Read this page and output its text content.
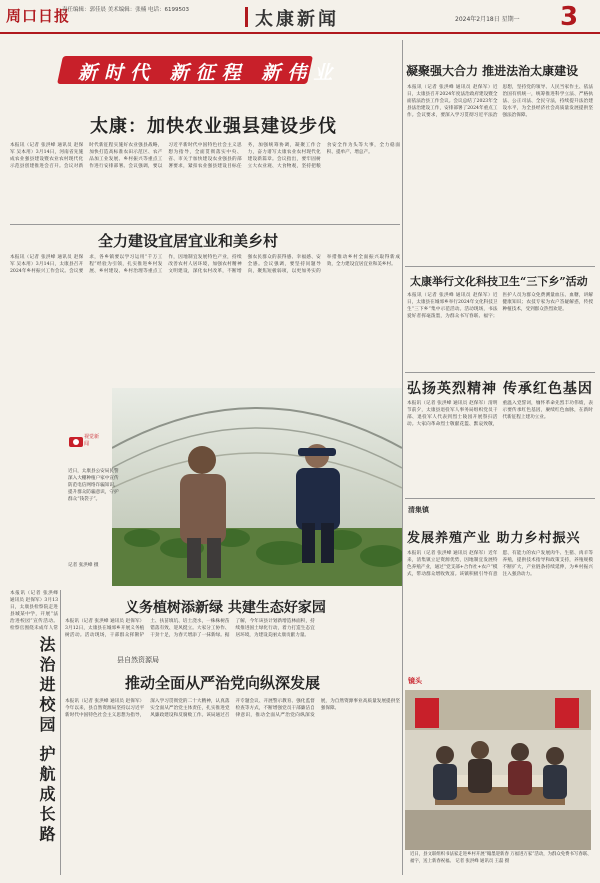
周口日报
责任编辑：郭佳晨 美术编辑：张楠 电话：6199503	太康新闻	2024年2月18日 星期一 3
新时代 新征程 新伟业
太康：加快农业强县建设步伐
本报讯（记者 张洪峰 通讯员 赵保军 吴本用）3月14日，河南省先施成农业强县建设暨农业农村现代化示范县创建推进会召开。会议对新时代新征程实施好农业强县战略，加快打造高标准农田示范区、农产品加工业发展、乡村振兴等重点工作进行安排部署。会议强调，要以习近平新时代中国特色社会主义思想为指导，全面贯彻落实中央、省、市关于加快建设农业强县的部署要求，紧扣农业强县建设目标任务，加强统筹协调，凝聚工作合力，奋力谱写太康农业农村现代化建设新篇章。会议指出，要牢固树立大农业观、大食物观，坚持把粮食安全作为头等大事，全力稳面积、提单产、增总产。
全力建设宜居宜业和美乡村
本报讯（记者 张洪峰 通讯员 赵保军 吴本用）3月14日，太康县召开2024年乡村振兴工作会议。会议要求，各乡镇要以学习运用“千万工程”经验为引领，扎实推进乡村发展、乡村建设、乡村治理等重点工作，因地制宜发展特色产业，持续改善农村人居环境，加强农村精神文明建设，深化农村改革，不断增强农民群众的获得感、幸福感、安全感。会议强调，要坚持问题导向，聚焦短板弱项，以更加务实的举措推动乡村全面振兴取得新成效，全力建设宜居宜业和美乡村。
视觉新闻
近日，太康县公安局民警深入大棚种植户家中宣传防范电信网络诈骗知识，提升群众防骗意识，守护群众“钱袋子”。
记者 张洪峰 摄
义务植树添新绿 共建生态好家园
本报讯（记者 张洪峰 通讯员 赵保军）3月12日，太康县在城郊乡开展义务植树活动。活动现场，干部群众挥锹铲土、扶苗填坑、培土浇水，一株株树苗错落有致、迎风挺立。大家分工协作、干劲十足，为春天增添了一抹新绿。据了解，今年该县计划新增造林面积，持续推进国土绿化行动，着力打造生态宜居环境，为建设美丽太康贡献力量。
县自然资源局
推动全面从严治党向纵深发展
本报讯（记者 张洪峰 通讯员 赵保军）今年以来，县自然资源局坚持以习近平新时代中国特色社会主义思想为指导，深入学习贯彻党的二十大精神，认真落实全面从严治党主体责任，扎实推进党风廉政建设和反腐败工作。该局通过召开专题会议、开展警示教育、强化监督检查等方式，不断增强党员干部廉洁自律意识，推动全面从严治党向纵深发展，为自然资源事业高质量发展提供坚强保障。
本报讯（记者 张洪峰 通讯员 赵保军）3月13日，太康县检察院走进县城某中学，开展“法治进校园”宣传活动。检察官围绕未成年人常
法治进校园 护航成长路
凝聚强大合力 推进法治太康建设
本报讯（记者 张洪峰 通讯员 赵保军）近日，太康县召开2024年度法治政府建设暨全面依法治县工作会议。会议总结了2023年全县法治建设工作，安排部署了2024年重点工作。会议要求，要深入学习贯彻习近平法治思想，坚持党的领导、人民当家作主、依法治国有机统一，统筹推进科学立法、严格执法、公正司法、全民守法，持续提升法治建设水平，为全县经济社会高质量发展提供坚强法治保障。
太康举行文化科技卫生“三下乡”活动
本报讯（记者 张洪峰 通讯员 赵保军）近日，太康县在城郊乡举行2024年文化科技卫生“三下乡”集中示范活动。活动现场，书法爱好者挥毫泼墨，为群众书写春联、福字；医护人员为群众免费测量血压、血糖，讲解健康知识；农技专家为农户答疑解惑，传授种植技术，受到群众热烈欢迎。
弘扬英烈精神 传承红色基因
本报讯（记者 张洪峰 通讯员 赵保军）清明节前夕，太康县退役军人事务局组织党员干部、退役军人代表到烈士陵园开展祭扫活动。大家向革命烈士敬献花篮、默哀致敬，重温入党誓词，缅怀革命先烈丰功伟绩，表示要传承红色基因，赓续红色血脉，在新时代新征程上建功立业。
清集镇
发展养殖产业 助力乡村振兴
本报讯（记者 张洪峰 通讯员 赵保军）近年来，清集镇立足资源优势，因地制宜发展特色养殖产业，通过“党支部+合作社+农户”模式，带动群众增收致富。该镇积极引导有意愿、有能力的农户发展肉牛、生猪、肉羊等养殖，提供技术指导和政策支持，养殖规模不断扩大，产业链条持续延伸，为乡村振兴注入强劲动力。
镜头
近日，县文联组织书法家走进乡村开展“翰墨迎新春 万福进万家”活动，为群众免费书写春联、福字，送上新春祝福。 记者 张洪峰 通讯员 王磊 摄
